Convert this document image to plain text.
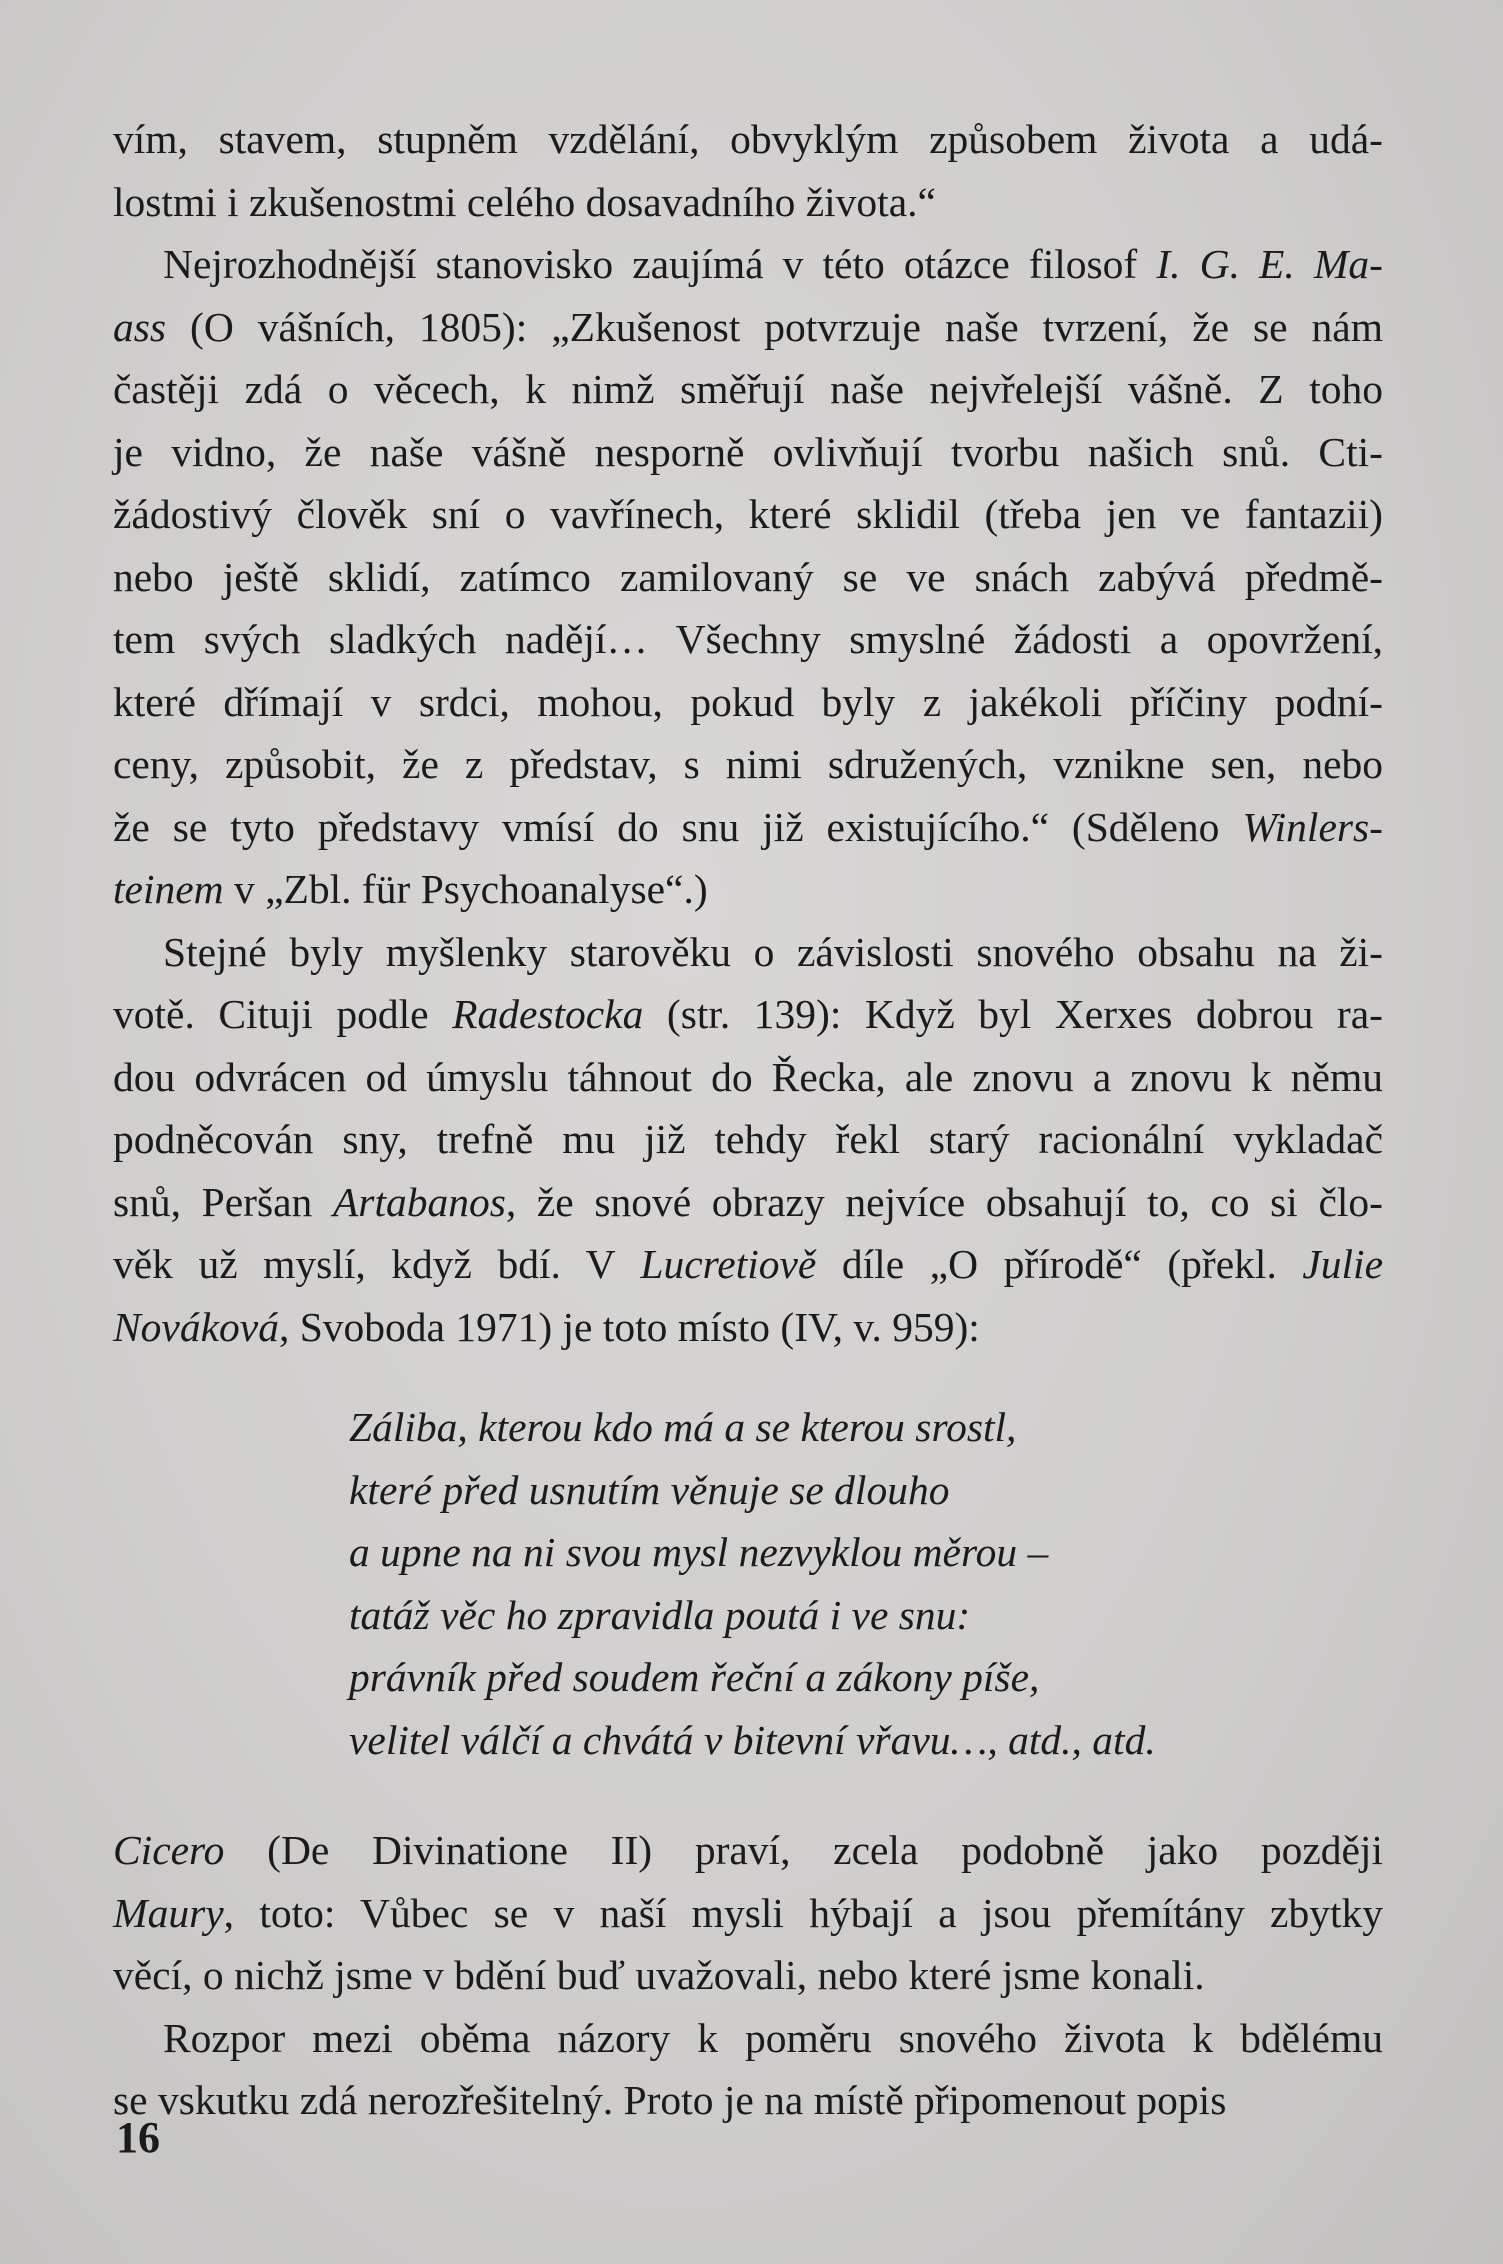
vím, stavem, stupněm vzdělání, obvyklým způsobem života a udá-
lostmi i zkušenostmi celého dosavadního života.“

Nejrozhodnější stanovisko zaujímá v této otázce filosof I. G. E. Ma-
ass (O vášních, 1805): „Zkušenost potvrzuje naše tvrzení, že se nám
častěji zdá o věcech, k nimž směřují naše nejvřelejší vášně. Z toho
je vidno, že naše vášně nesporně ovlivňují tvorbu našich snů. Cti-
žádostivý člověk sní o vavřínech, které sklidil (třeba jen ve fantazii)
nebo ještě sklidí, zatímco zamilovaný se ve snách zabývá předmě-
tem svých sladkých nadějí… Všechny smyslné žádosti a opovržení,
které dřímají v srdci, mohou, pokud byly z jakékoli příčiny podní-
ceny, způsobit, že z představ, s nimi sdružených, vznikne sen, nebo
že se tyto představy vmísí do snu již existujícího.“ (Sděleno Winlers-
teinem v „Zbl. für Psychoanalyse“.)

Stejné byly myšlenky starověku o závislosti snového obsahu na ži-
votě. Cituji podle Radestocka (str. 139): Když byl Xerxes dobrou ra-
dou odvrácen od úmyslu táhnout do Řecka, ale znovu a znovu k němu
podněcován sny, trefně mu již tehdy řekl starý racionální vykladač
snů, Peršan Artabanos, že snové obrazy nejvíce obsahují to, co si člo-
věk už myslí, když bdí. V Lucretiově díle „O přírodě“ (překl. Julie
Nováková, Svoboda 1971) je toto místo (IV, v. 959):

Záliba, kterou kdo má a se kterou srostl,
které před usnutím věnuje se dlouho
a upne na ni svou mysl nezvyklou měrou –
tatáž věc ho zpravidla poutá i ve snu:
právník před soudem řeční a zákony píše,
velitel válčí a chvátá v bitevní vřavu…, atd., atd.

Cicero (De Divinatione II) praví, zcela podobně jako později
Maury, toto: Vůbec se v naší mysli hýbají a jsou přemítány zbytky
věcí, o nichž jsme v bdění buď uvažovali, nebo které jsme konali.

Rozpor mezi oběma názory k poměru snového života k bdělému
se vskutku zdá nerozřešitelný. Proto je na místě připomenout popis

16
